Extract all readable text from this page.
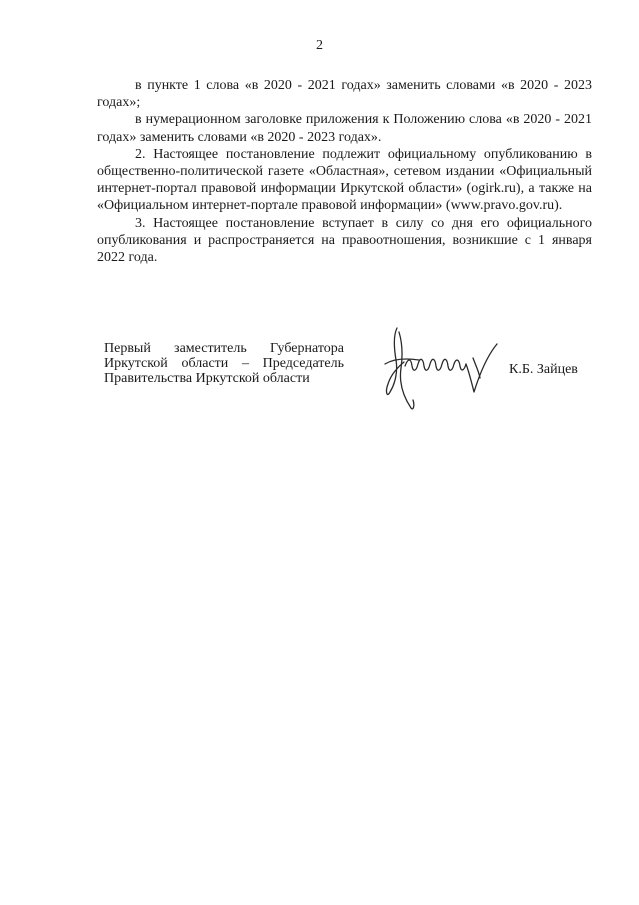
2

в пункте 1 слова «в 2020 - 2021 годах» заменить словами «в 2020 - 2023 годах»;

в нумерационном заголовке приложения к Положению слова «в 2020 - 2021 годах» заменить словами «в 2020 - 2023 годах».

2. Настоящее постановление подлежит официальному опубликованию в общественно-политической газете «Областная», сетевом издании «Официальный интернет-портал правовой информации Иркутской области» (ogirk.ru), а также на «Официальном интернет-портале правовой информации» (www.pravo.gov.ru).

3. Настоящее постановление вступает в силу со дня его официального опубликования и распространяется на правоотношения, возникшие с 1 января 2022 года.

Первый заместитель Губернатора
Иркутской области – Председатель
Правительства Иркутской области
К.Б. Зайцев
